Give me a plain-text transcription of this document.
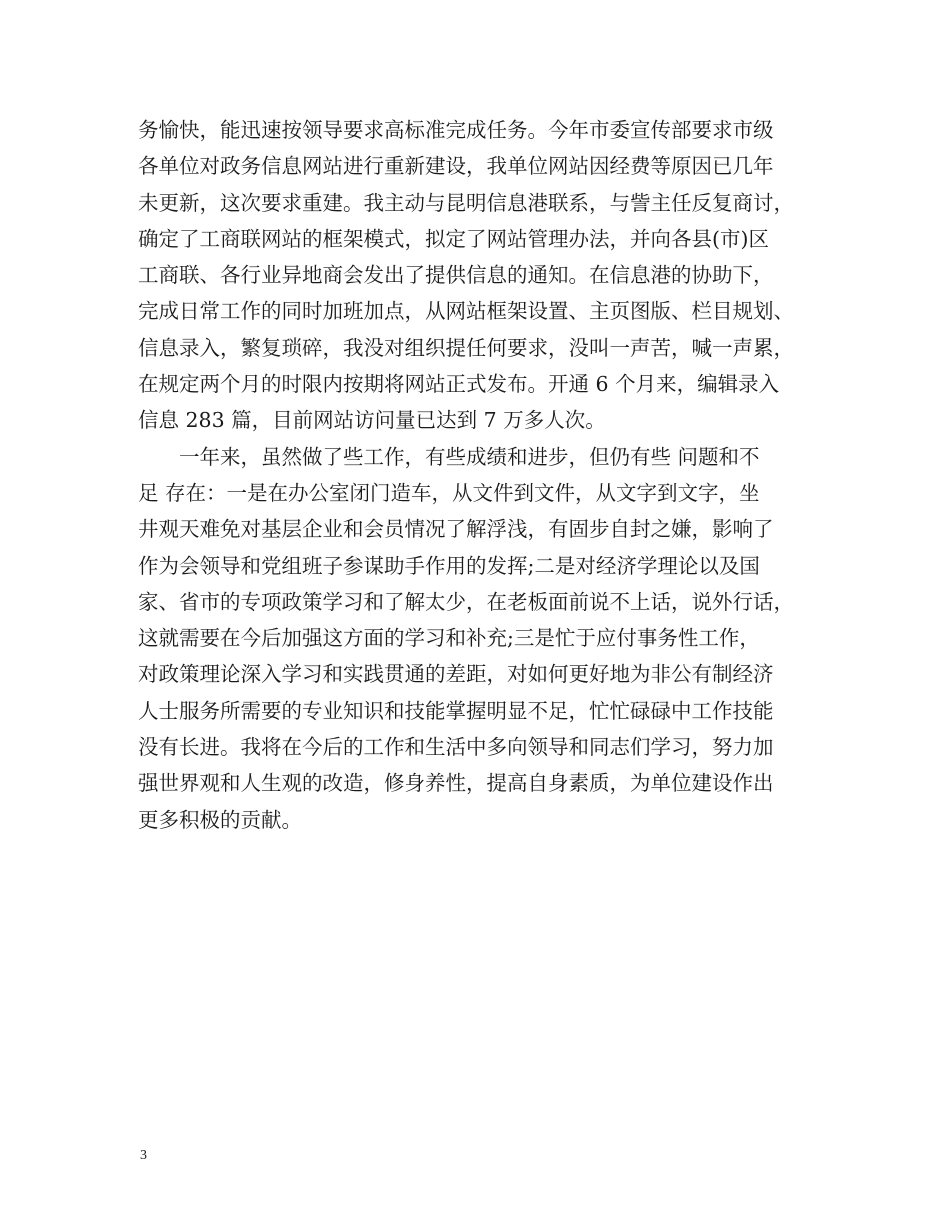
务愉快，能迅速按领导要求高标准完成任务。今年市委宣传部要求市级
各单位对政务信息网站进行重新建设，我单位网站因经费等原因已几年
未更新，这次要求重建。我主动与昆明信息港联系，与訾主任反复商讨，
确定了工商联网站的框架模式，拟定了网站管理办法，并向各县(市)区
工商联、各行业异地商会发出了提供信息的通知。在信息港的协助下，
完成日常工作的同时加班加点，从网站框架设置、主页图版、栏目规划、
信息录入，繁复琐碎，我没对组织提任何要求，没叫一声苦，喊一声累，
在规定两个月的时限内按期将网站正式发布。开通 6 个月来，编辑录入
信息 283 篇，目前网站访问量已达到 7 万多人次。
　　一年来，虽然做了些工作，有些成绩和进步，但仍有些 问题和不
足 存在：一是在办公室闭门造车，从文件到文件，从文字到文字，坐
井观天难免对基层企业和会员情况了解浮浅，有固步自封之嫌，影响了
作为会领导和党组班子参谋助手作用的发挥;二是对经济学理论以及国
家、省市的专项政策学习和了解太少，在老板面前说不上话，说外行话，
这就需要在今后加强这方面的学习和补充;三是忙于应付事务性工作，
对政策理论深入学习和实践贯通的差距，对如何更好地为非公有制经济
人士服务所需要的专业知识和技能掌握明显不足，忙忙碌碌中工作技能
没有长进。我将在今后的工作和生活中多向领导和同志们学习，努力加
强世界观和人生观的改造，修身养性，提高自身素质，为单位建设作出
更多积极的贡献。
3
